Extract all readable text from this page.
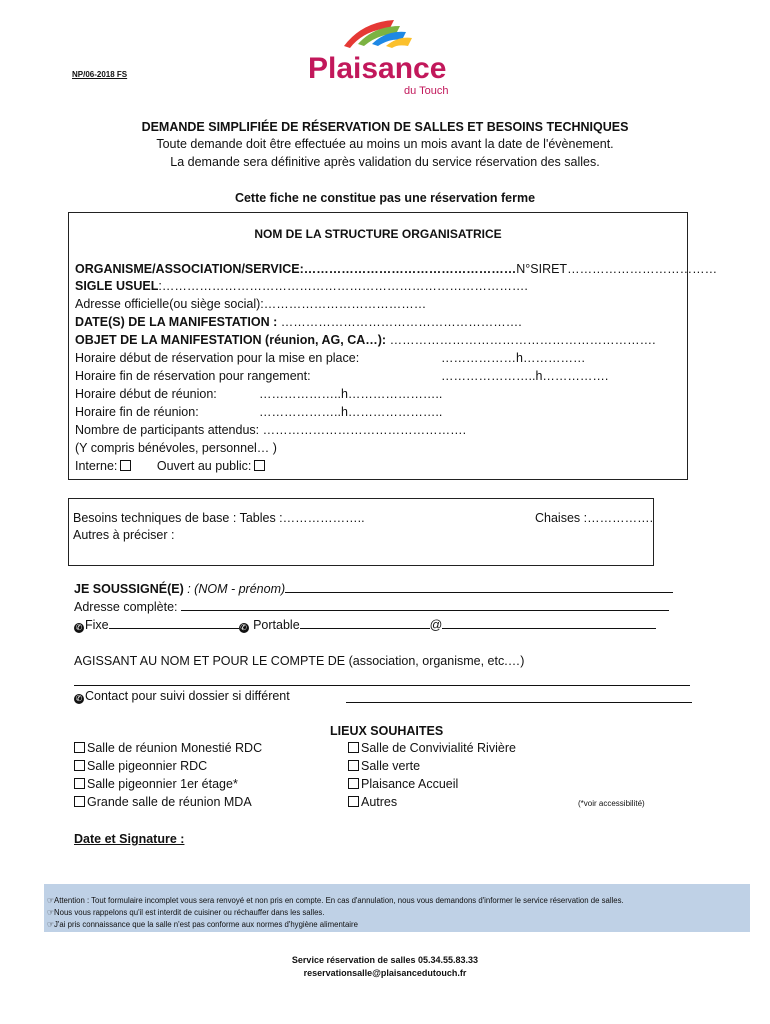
NP/06-2018 FS	Plaisance
du Touch
DEMANDE SIMPLIFIÉE DE RÉSERVATION DE SALLES ET BESOINS TECHNIQUES
Toute demande doit être effectuée au moins un mois avant la date de l'évènement.
La demande sera définitive après validation du service réservation des salles.
Cette fiche ne constitue pas une réservation ferme
NOM DE LA STRUCTURE ORGANISATRICE
ORGANISME/ASSOCIATION/SERVICE:……………………………………………N°SIRET………………………………
SIGLE USUEL:…………………………………………………………………………….
Adresse officielle(ou siège social):…………………………………
DATE(S) DE LA MANIFESTATION : ………………………………………………….
OBJET DE LA MANIFESTATION (réunion, AG, CA…): ……………………………………………………….
Horaire début de réservation pour la mise en place:	………………h……………
Horaire fin de réservation pour rangement:	…………………..h…………….
Horaire début de réunion:	………………..h…………………..
Horaire fin de réunion:	………………..h…………………..
Nombre de participants attendus: ………………………………………….
(Y compris bénévoles, personnel… )
Interne:	Ouvert au public:
Besoins techniques de base : Tables :………………..	Chaises :…………….
Autres à préciser :
JE SOUSSIGNÉ(E) : (NOM - prénom)
Adresse complète:
✆ Fixe	✆ Portable	@
AGISSANT AU NOM ET POUR LE COMPTE DE (association, organisme, etc.…)
✆ Contact pour suivi dossier si différent
LIEUX SOUHAITES
Salle de réunion Monestié RDC
Salle pigeonnier RDC
Salle pigeonnier 1er étage*
Grande salle de réunion MDA
Salle de Convivialité Rivière
Salle verte
Plaisance Accueil
Autres	(*voir accessibilité)
Date et Signature :
☞Attention : Tout formulaire incomplet vous sera renvoyé et non pris en compte. En cas d'annulation, nous vous demandons d'informer le service réservation de salles.
☞Nous vous rappelons qu'il est interdit de cuisiner ou réchauffer dans les salles.
☞J'ai pris connaissance que la salle n'est pas conforme aux normes d'hygiène alimentaire
Service réservation de salles 05.34.55.83.33
reservationsalle@plaisancedutouch.fr
